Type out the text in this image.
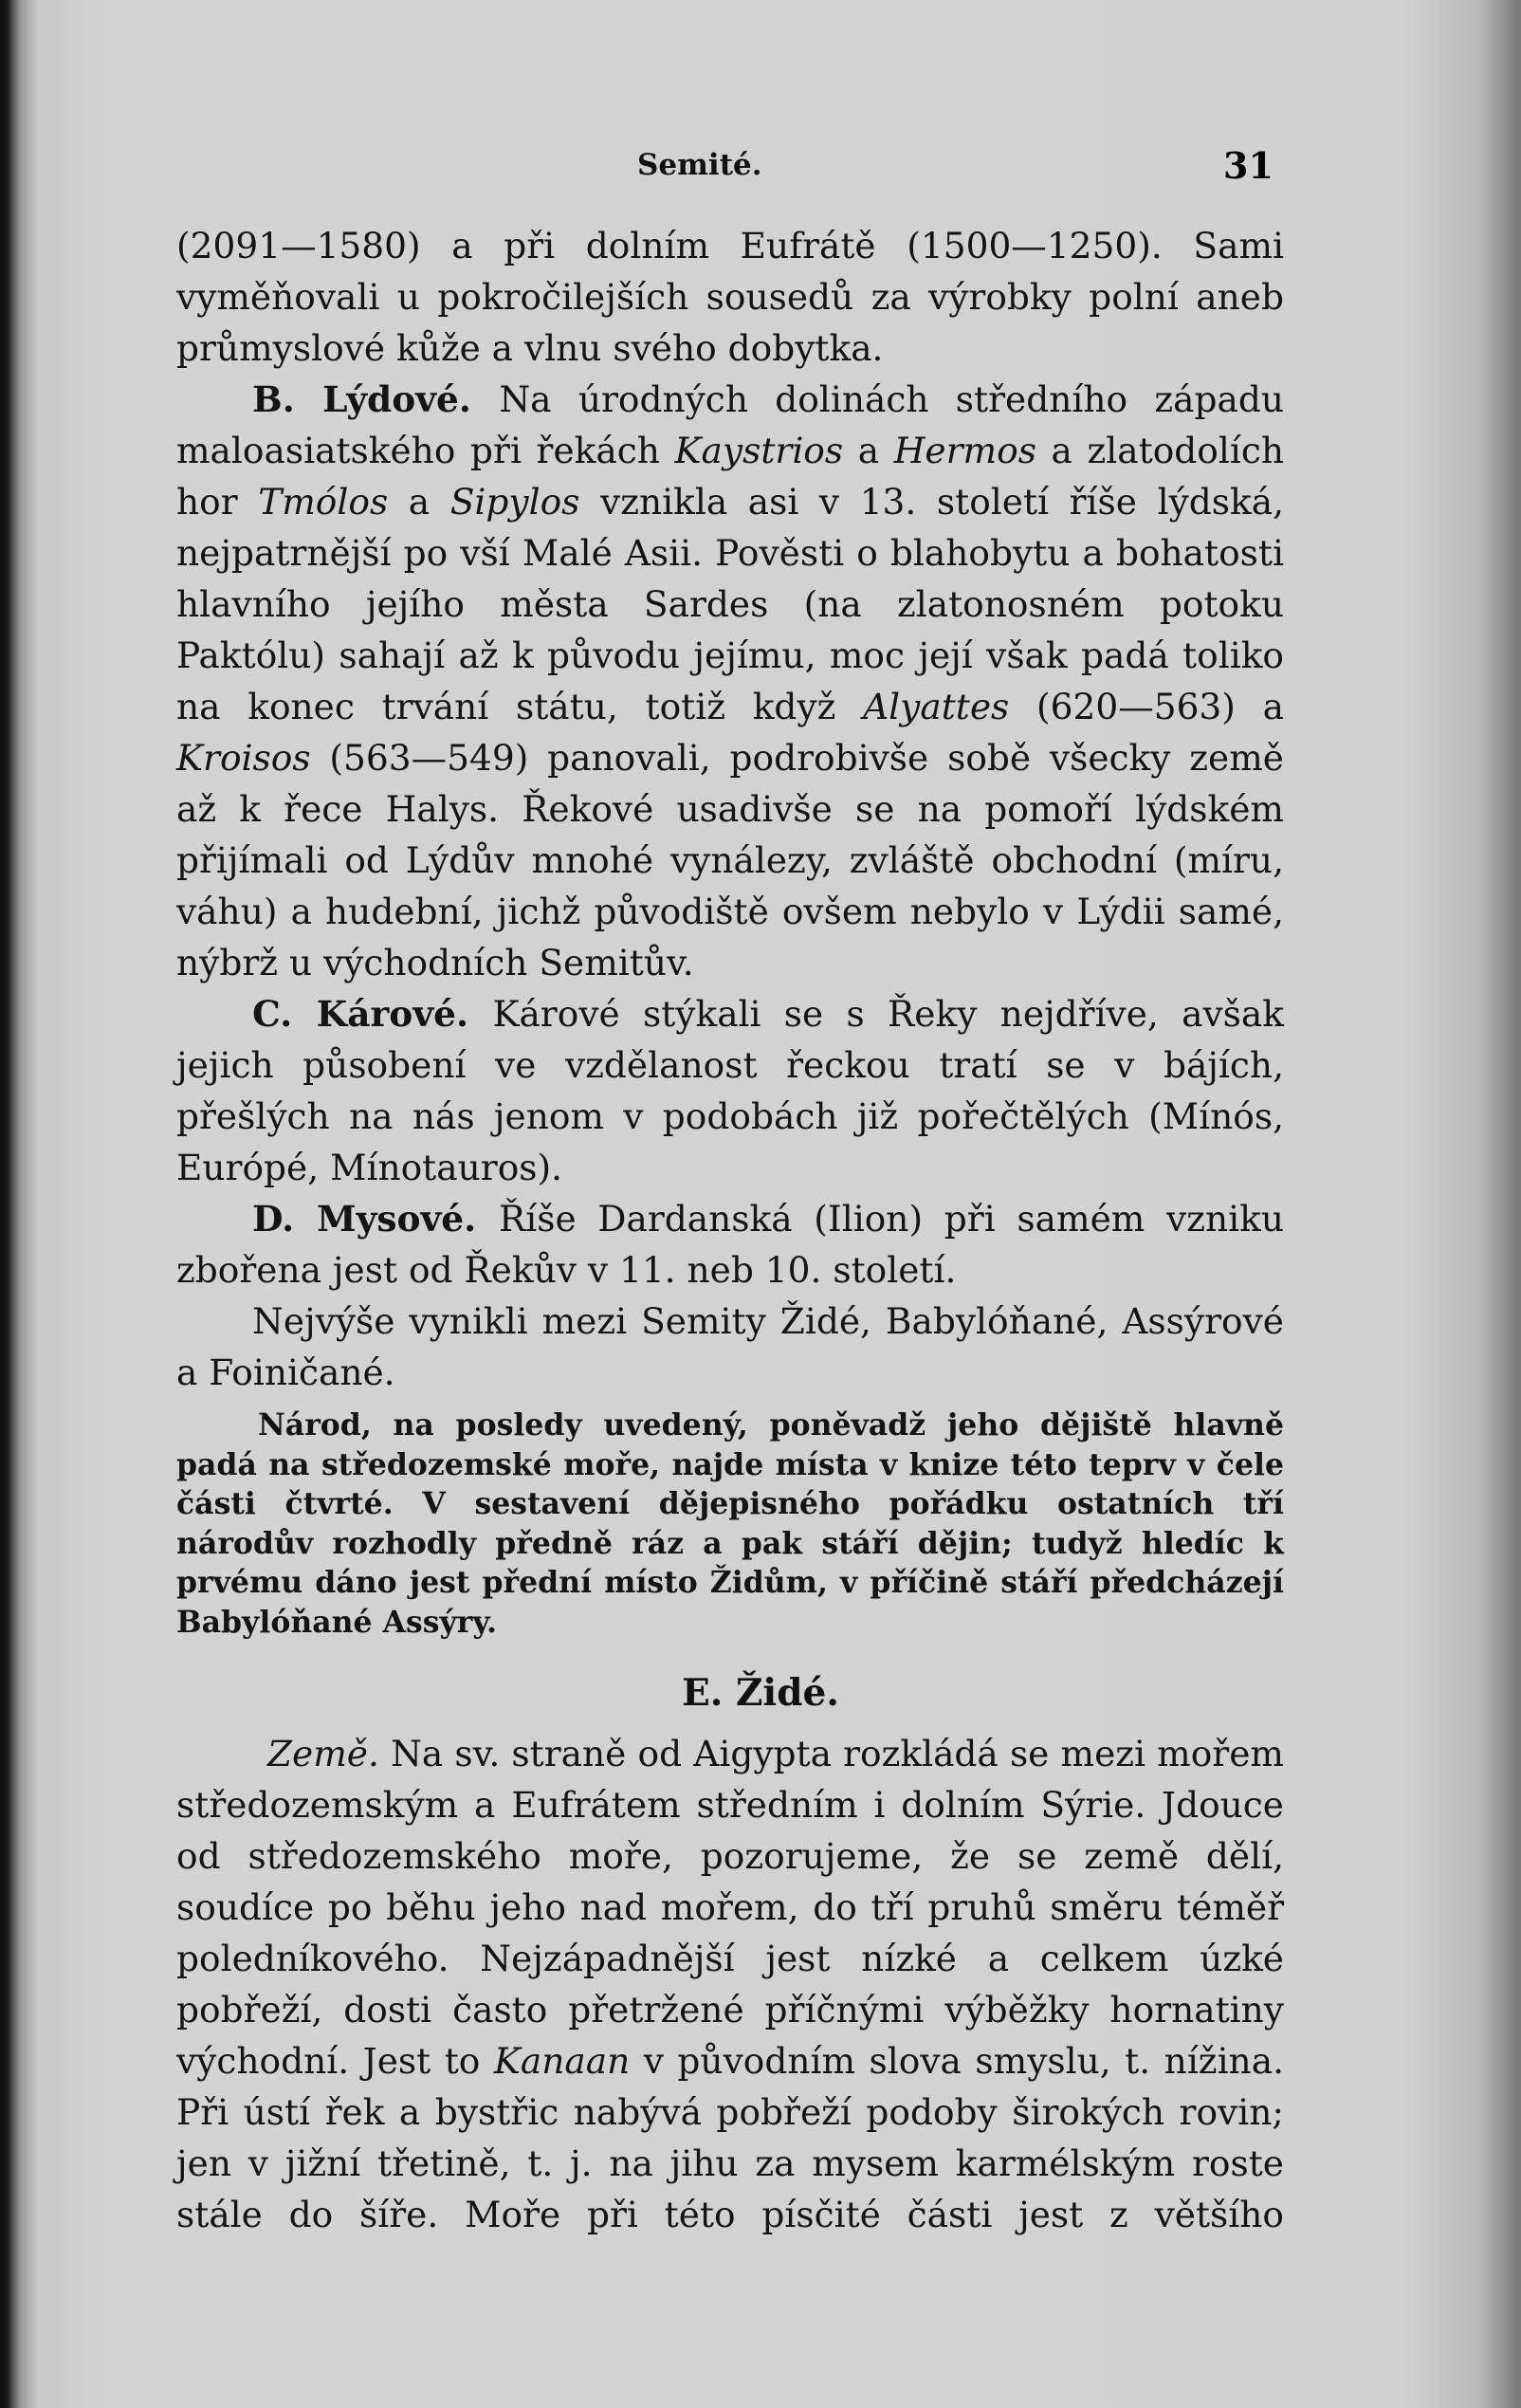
Semité.	31

(2091—1580) a při dolním Eufrátě (1500—1250). Sami vyměňovali u pokročilejších sousedů za výrobky polní aneb průmyslové kůže a vlnu svého dobytka.

B. Lýdové. Na úrodných dolinách středního západu maloasiatského při řekách Kaystrios a Hermos a zlatodolích hor Tmólos a Sipylos vznikla asi v 13. století říše lýdská, nejpatrnější po vší Malé Asii. Pověsti o blahobytu a bohatosti hlavního jejího města Sardes (na zlatonosném potoku Paktólu) sahají až k původu jejímu, moc její však padá toliko na konec trvání státu, totiž když Alyattes (620—563) a Kroisos (563—549) panovali, podrobivše sobě všecky země až k řece Halys. Řekové usadivše se na pomoří lýdském přijímali od Lýdův mnohé vynálezy, zvláště obchodní (míru, váhu) a hudební, jichž původiště ovšem nebylo v Lýdii samé, nýbrž u východních Semitův.

C. Kárové. Kárové stýkali se s Řeky nejdříve, avšak jejich působení ve vzdělanost řeckou tratí se v bájích, přešlých na nás jenom v podobách již pořečtělých (Mínós, Európé, Mínotauros).

D. Mysové. Říše Dardanská (Ilion) při samém vzniku zbořena jest od Řekův v 11. neb 10. století.

Nejvýše vynikli mezi Semity Židé, Babylóňané, Assýrové a Foiničané.

Národ, na posledy uvedený, poněvadž jeho dějiště hlavně padá na středozemské moře, najde místa v knize této teprv v čele části čtvrté. V sestavení dějepisného pořádku ostatních tří národův rozhodly předně ráz a pak stáří dějin; tudyž hledíc k prvému dáno jest přední místo Židům, v příčině stáří předcházejí Babylóňané Assýry.
E. Židé.

Země. Na sv. straně od Aigypta rozkládá se mezi mořem středozemským a Eufrátem středním i dolním Sýrie. Jdouce od středozemského moře, pozorujeme, že se země dělí, soudíce po běhu jeho nad mořem, do tří pruhů směru téměř poledníkového. Nejzápadnější jest nízké a celkem úzké pobřeží, dosti často přetržené příčnými výběžky hornatiny východní. Jest to Kanaan v původním slova smyslu, t. nížina. Při ústí řek a bystřic nabývá pobřeží podoby širokých rovin; jen v jižní třetině, t. j. na jihu za mysem karmélským roste stále do šíře. Moře při této písčité části jest z většího
